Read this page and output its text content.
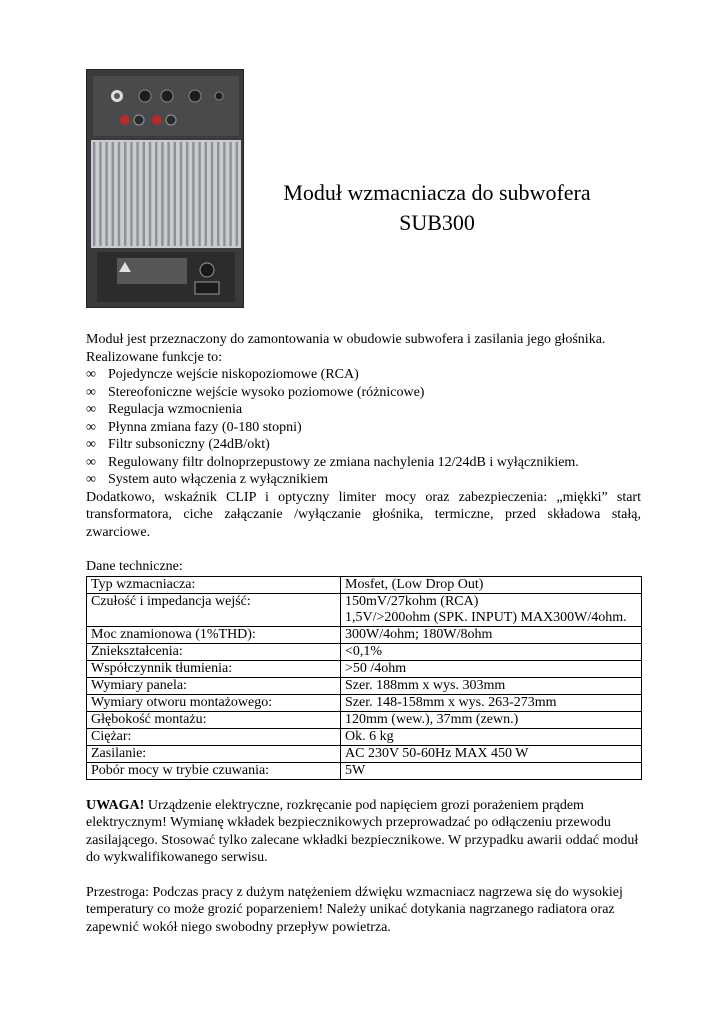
Moduł wzmacniacza do subwofera
SUB300

Moduł jest przeznaczony do zamontowania w obudowie subwofera i zasilania jego głośnika.

Realizowane funkcje to:

∞ Pojedyncze wejście niskopoziomowe (RCA)
∞ Stereofoniczne wejście wysoko poziomowe (różnicowe)
∞ Regulacja wzmocnienia
∞ Płynna zmiana fazy (0-180 stopni)
∞ Filtr subsoniczny (24dB/okt)
∞ Regulowany filtr dolnoprzepustowy ze zmiana nachylenia 12/24dB i wyłącznikiem.
∞ System auto włączenia z wyłącznikiem

Dodatkowo, wskaźnik CLIP i optyczny limiter mocy oraz zabezpieczenia: „miękki” start transformatora, ciche załączanie /wyłączanie głośnika, termiczne, przed składowa stałą, zwarciowe.

Dane techniczne:

Typ wzmacniacza:	Mosfet, (Low Drop Out)
Czułość i impedancja wejść:	150mV/27kohm (RCA)
1,5V/>200ohm (SPK. INPUT) MAX300W/4ohm.

Moc znamionowa (1%THD):	300W/4ohm; 180W/8ohm
Zniekształcenia:	<0,1%
Współczynnik tłumienia:	>50 /4ohm
Wymiary panela:	Szer. 188mm x wys. 303mm
Wymiary otworu montażowego:	Szer. 148-158mm x wys. 263-273mm
Głębokość montażu:	120mm (wew.), 37mm (zewn.)
Ciężar:	Ok. 6 kg
Zasilanie:	AC 230V 50-60Hz MAX 450 W
Pobór mocy w trybie czuwania:	5W

UWAGA! Urządzenie elektryczne, rozkręcanie pod napięciem grozi porażeniem prądem elektrycznym! Wymianę wkładek bezpiecznikowych przeprowadzać po odłączeniu przewodu zasilającego. Stosować tylko zalecane wkładki bezpiecznikowe. W przypadku awarii oddać moduł do wykwalifikowanego serwisu.

Przestroga: Podczas pracy z dużym natężeniem dźwięku wzmacniacz nagrzewa się do wysokiej temperatury co może grozić poparzeniem! Należy unikać dotykania nagrzanego radiatora oraz zapewnić wokół niego swobodny przepływ powietrza.
